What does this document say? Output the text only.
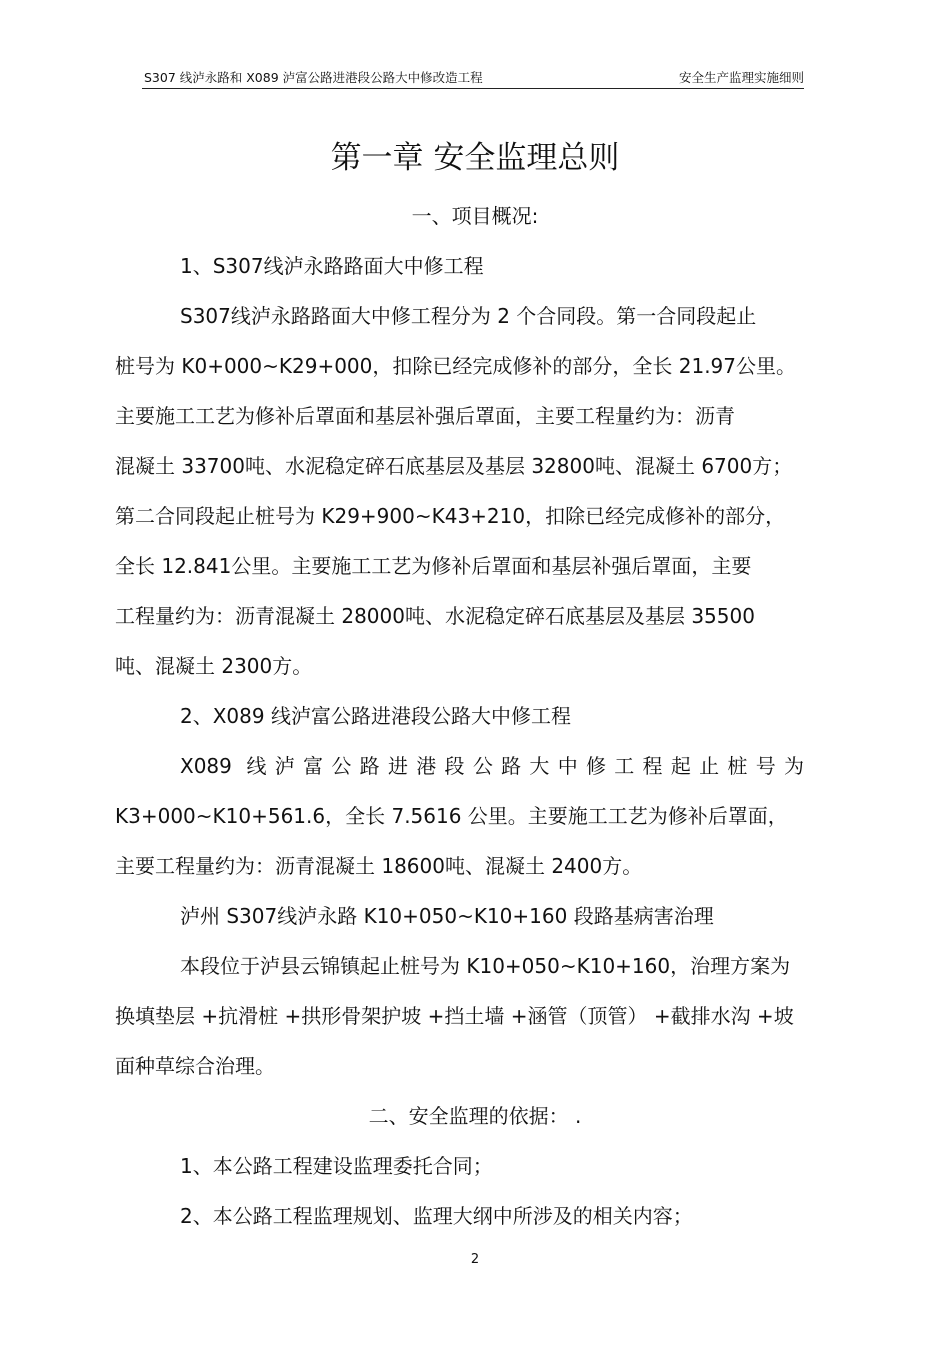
S307 线泸永路和 X089 泸富公路进港段公路大中修改造工程	安全生产监理实施细则
第一章 安全监理总则
一、项目概况:
1、S307线泸永路路面大中修工程
S307线泸永路路面大中修工程分为 2 个合同段。第一合同段起止
桩号为 K0+000~K29+000，扣除已经完成修补的部分，全长 21.97公里。
主要施工工艺为修补后罩面和基层补强后罩面，主要工程量约为：沥青
混凝土 33700吨、水泥稳定碎石底基层及基层 32800吨、混凝土 6700方；
第二合同段起止桩号为 K29+900~K43+210，扣除已经完成修补的部分，
全长 12.841公里。主要施工工艺为修补后罩面和基层补强后罩面，主要
工程量约为：沥青混凝土 28000吨、水泥稳定碎石底基层及基层 35500
吨、混凝土 2300方。
2、X089 线泸富公路进港段公路大中修工程
X089 线泸富公路进港段公路大中修工程起止桩号为
K3+000~K10+561.6，全长 7.5616 公里。主要施工工艺为修补后罩面，
主要工程量约为：沥青混凝土 18600吨、混凝土 2400方。
泸州 S307线泸永路 K10+050~K10+160 段路基病害治理
本段位于泸县云锦镇起止桩号为 K10+050~K10+160，治理方案为
换填垫层 +抗滑桩 +拱形骨架护坡 +挡土墙 +涵管（顶管） +截排水沟 +坡
面种草综合治理。
二、安全监理的依据： .
1、本公路工程建设监理委托合同；
2、本公路工程监理规划、监理大纲中所涉及的相关内容；
2
